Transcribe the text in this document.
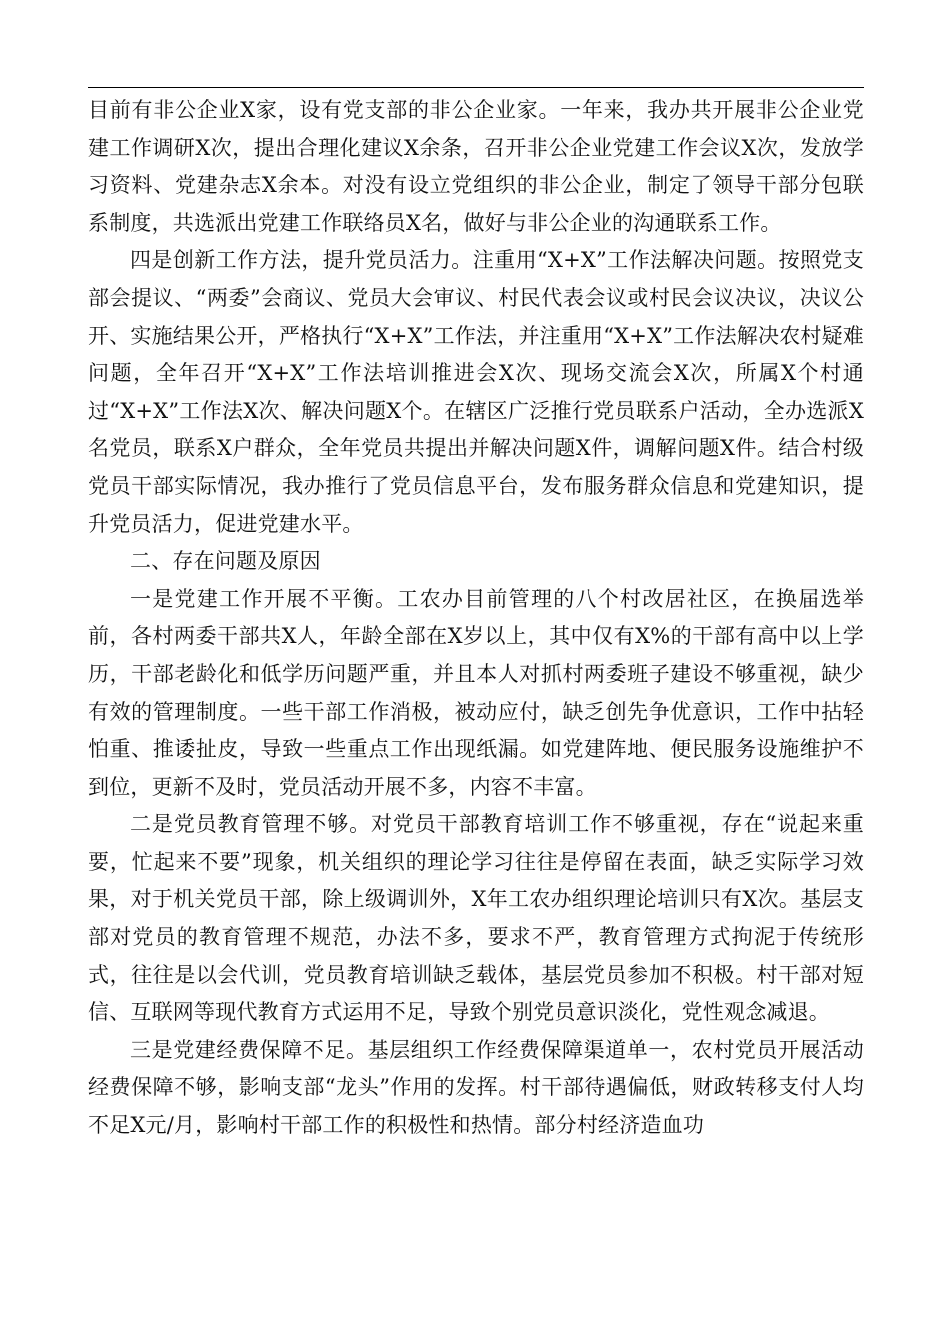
目前有非公企业X家，设有党支部的非公企业家。一年来，我办共开展非公企业党建工作调研X次，提出合理化建议X余条，召开非公企业党建工作会议X次，发放学习资料、党建杂志X余本。对没有设立党组织的非公企业，制定了领导干部分包联系制度，共选派出党建工作联络员X名，做好与非公企业的沟通联系工作。

四是创新工作方法，提升党员活力。注重用“X+X”工作法解决问题。按照党支部会提议、“两委”会商议、党员大会审议、村民代表会议或村民会议决议，决议公开、实施结果公开，严格执行“X+X”工作法，并注重用“X+X”工作法解决农村疑难问题，全年召开“X+X”工作法培训推进会X次、现场交流会X次，所属X个村通过“X+X”工作法X次、解决问题X个。在辖区广泛推行党员联系户活动，全办选派X名党员，联系X户群众，全年党员共提出并解决问题X件，调解问题X件。结合村级党员干部实际情况，我办推行了党员信息平台，发布服务群众信息和党建知识，提升党员活力，促进党建水平。

二、存在问题及原因

一是党建工作开展不平衡。工农办目前管理的八个村改居社区，在换届选举前，各村两委干部共X人，年龄全部在X岁以上，其中仅有X%的干部有高中以上学历，干部老龄化和低学历问题严重，并且本人对抓村两委班子建设不够重视，缺少有效的管理制度。一些干部工作消极，被动应付，缺乏创先争优意识，工作中拈轻怕重、推诿扯皮，导致一些重点工作出现纸漏。如党建阵地、便民服务设施维护不到位，更新不及时，党员活动开展不多，内容不丰富。

二是党员教育管理不够。对党员干部教育培训工作不够重视，存在“说起来重要，忙起来不要”现象，机关组织的理论学习往往是停留在表面，缺乏实际学习效果，对于机关党员干部，除上级调训外，X年工农办组织理论培训只有X次。基层支部对党员的教育管理不规范，办法不多，要求不严，教育管理方式拘泥于传统形式，往往是以会代训，党员教育培训缺乏载体，基层党员参加不积极。村干部对短信、互联网等现代教育方式运用不足，导致个别党员意识淡化，党性观念减退。

三是党建经费保障不足。基层组织工作经费保障渠道单一，农村党员开展活动经费保障不够，影响支部“龙头”作用的发挥。村干部待遇偏低，财政转移支付人均不足X元/月，影响村干部工作的积极性和热情。部分村经济造血功
